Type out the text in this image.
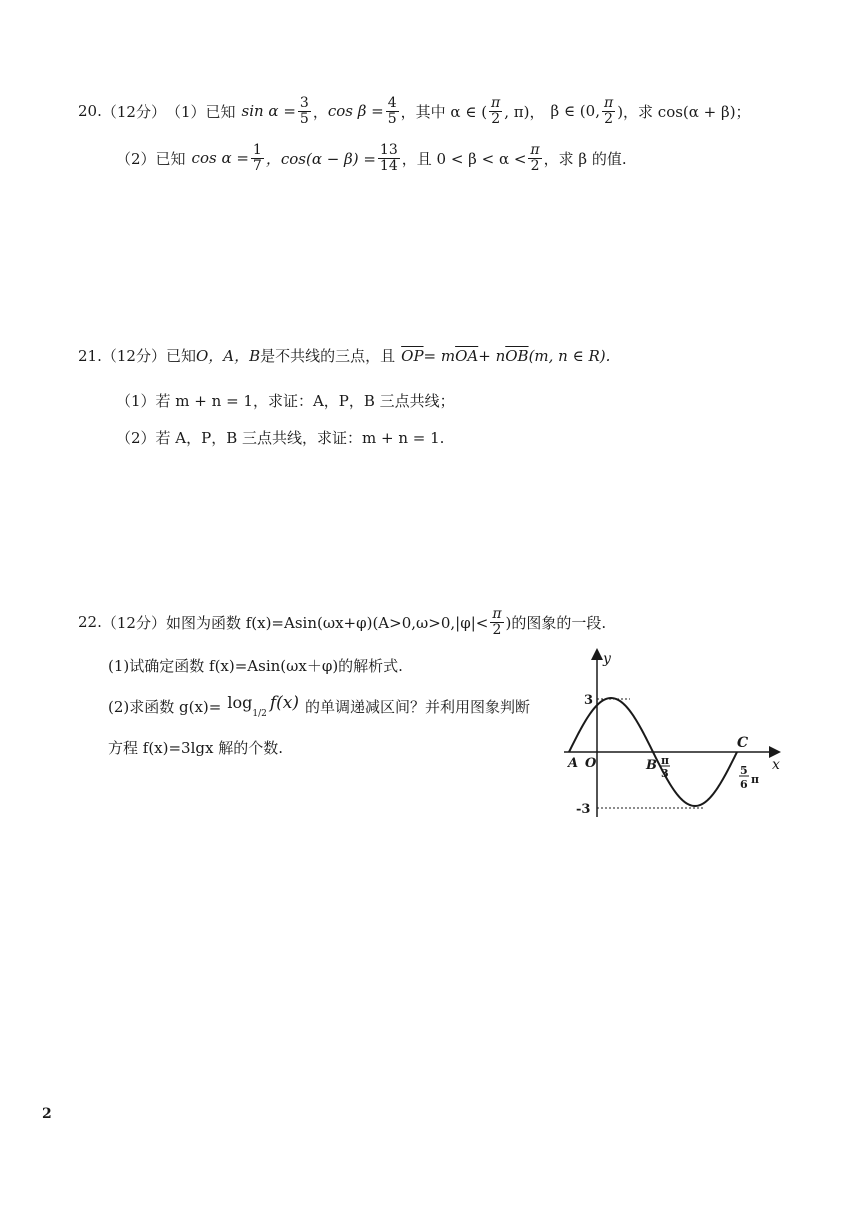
20. （12分） （1）已知 $\sin \alpha = \frac{3}{5}$ ， $\cos \beta = \frac{4}{5}$ ，其中 α ∈ ( $\frac{\pi}{2}$ , π)， β ∈ (0, $\frac{\pi}{2}$ )，求 cos(α + β)；
（2）已知 $\cos \alpha = \frac{1}{7}$ ，$\cos(\alpha - \beta) = \frac{13}{14}$ ，且 $0 < \beta < \alpha < \frac{\pi}{2}$ ，求 β 的值.
21. （12分） 已知 O，A，B 是不共线的三点，且 $\overline{OP} = m$ $\overline{OA} + n$ $\overline{OB}$ (m, n ∈ R).
（1）若 m + n = 1，求证：A，P，B 三点共线；
（2）若 A，P，B 三点共线，求证：m + n = 1.
22. （12分） 如图为函数 $f(x)=Asin(\omega x+\varphi)(A>0,\omega>0,|\varphi|< \frac{\pi}{2}$ )的图象的一段.
(1)试确定函数 f(x)=Asin(ωx＋φ)的解析式.
(2)求函数 g(x)= log
1/2
f(x) 的单调递减区间？并利用图象判断
方程 f(x)=3lgx 解的个数.
y
x
3
-3
O
A	B π
3
C
5
6 π
2
